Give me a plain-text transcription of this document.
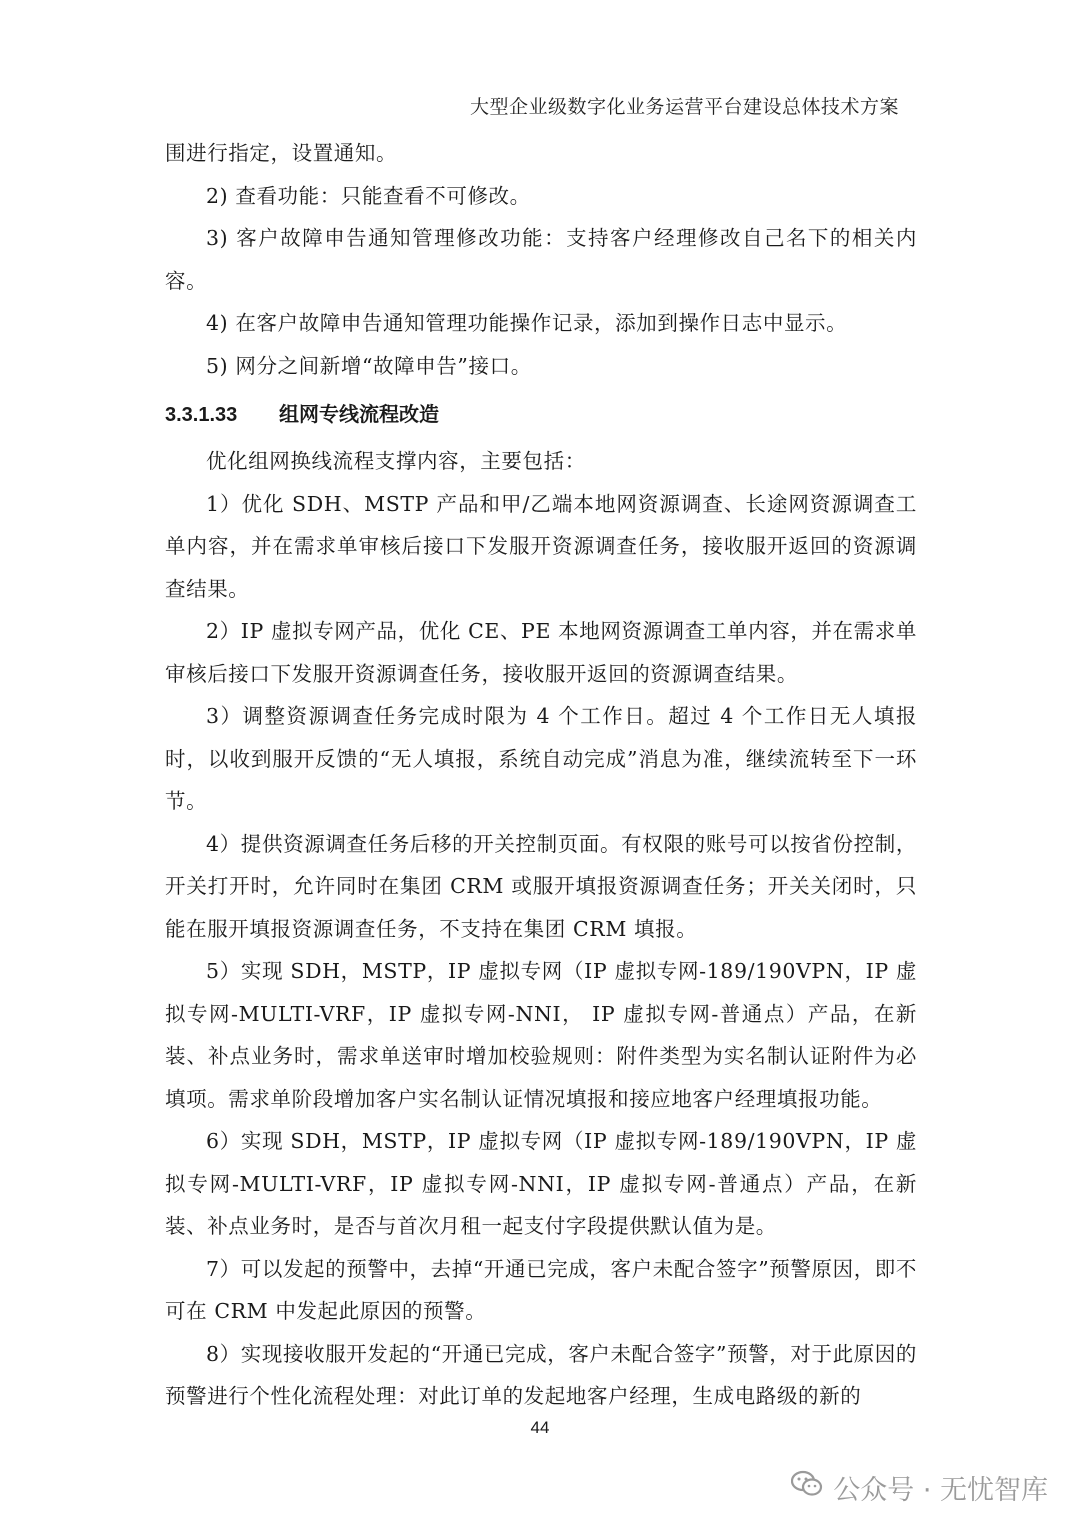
大型企业级数字化业务运营平台建设总体技术方案

围进行指定，设置通知。

2) 查看功能：只能查看不可修改。

3) 客户故障申告通知管理修改功能：支持客户经理修改自己名下的相关内容。

4) 在客户故障申告通知管理功能操作记录，添加到操作日志中显示。

5) 网分之间新增“故障申告”接口。

3.3.1.33 组网专线流程改造

优化组网换线流程支撑内容，主要包括：

1）优化 SDH、MSTP 产品和甲/乙端本地网资源调查、长途网资源调查工单内容，并在需求单审核后接口下发服开资源调查任务，接收服开返回的资源调查结果。

2）IP 虚拟专网产品，优化 CE、PE 本地网资源调查工单内容，并在需求单审核后接口下发服开资源调查任务，接收服开返回的资源调查结果。

3）调整资源调查任务完成时限为 4 个工作日。超过 4 个工作日无人填报时，以收到服开反馈的“无人填报，系统自动完成”消息为准，继续流转至下一环节。

4）提供资源调查任务后移的开关控制页面。有权限的账号可以按省份控制，开关打开时，允许同时在集团 CRM 或服开填报资源调查任务；开关关闭时，只能在服开填报资源调查任务，不支持在集团 CRM 填报。

5）实现 SDH，MSTP，IP 虚拟专网（IP 虚拟专网-189/190VPN，IP 虚拟专网-MULTI-VRF，IP 虚拟专网-NNI， IP 虚拟专网-普通点）产品，在新装、补点业务时，需求单送审时增加校验规则：附件类型为实名制认证附件为必填项。需求单阶段增加客户实名制认证情况填报和接应地客户经理填报功能。

6）实现 SDH，MSTP，IP 虚拟专网（IP 虚拟专网-189/190VPN，IP 虚拟专网-MULTI-VRF，IP 虚拟专网-NNI，IP 虚拟专网-普通点）产品，在新装、补点业务时，是否与首次月租一起支付字段提供默认值为是。

7）可以发起的预警中，去掉“开通已完成，客户未配合签字”预警原因，即不可在 CRM 中发起此原因的预警。

8）实现接收服开发起的“开通已完成，客户未配合签字”预警，对于此原因的预警进行个性化流程处理：对此订单的发起地客户经理，生成电路级的新的

44
公众号 · 无忧智库
